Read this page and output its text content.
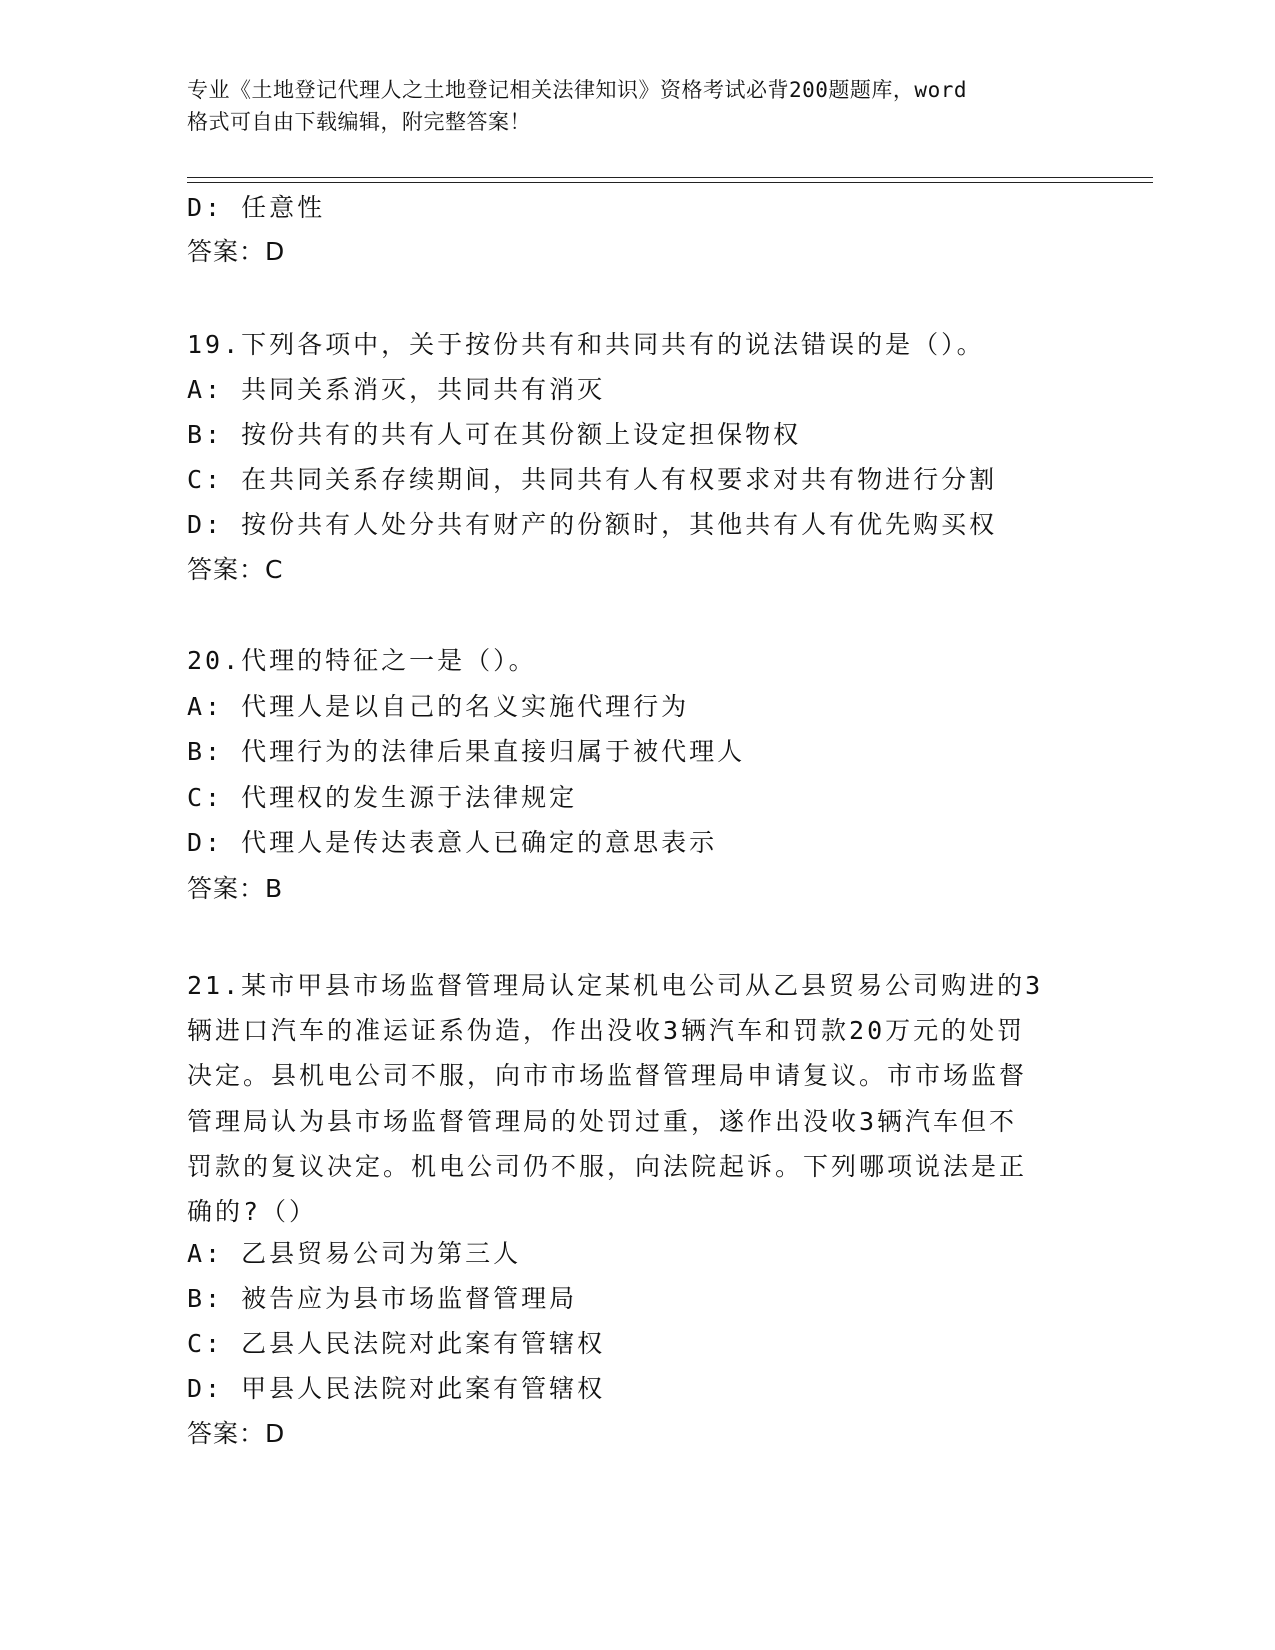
专业《土地登记代理人之土地登记相关法律知识》资格考试必背200题题库，word
格式可自由下载编辑，附完整答案！
D: 任意性
答案：D
19.下列各项中，关于按份共有和共同共有的说法错误的是（）。
A: 共同关系消灭，共同共有消灭
B: 按份共有的共有人可在其份额上设定担保物权
C: 在共同关系存续期间，共同共有人有权要求对共有物进行分割
D: 按份共有人处分共有财产的份额时，其他共有人有优先购买权
答案：C
20.代理的特征之一是（）。
A: 代理人是以自己的名义实施代理行为
B: 代理行为的法律后果直接归属于被代理人
C: 代理权的发生源于法律规定
D: 代理人是传达表意人已确定的意思表示
答案：B
21.某市甲县市场监督管理局认定某机电公司从乙县贸易公司购进的3
辆进口汽车的准运证系伪造，作出没收3辆汽车和罚款20万元的处罚
决定。县机电公司不服，向市市场监督管理局申请复议。市市场监督
管理局认为县市场监督管理局的处罚过重，遂作出没收3辆汽车但不
罚款的复议决定。机电公司仍不服，向法院起诉。下列哪项说法是正
确的?（）
A: 乙县贸易公司为第三人
B: 被告应为县市场监督管理局
C: 乙县人民法院对此案有管辖权
D: 甲县人民法院对此案有管辖权
答案：D
